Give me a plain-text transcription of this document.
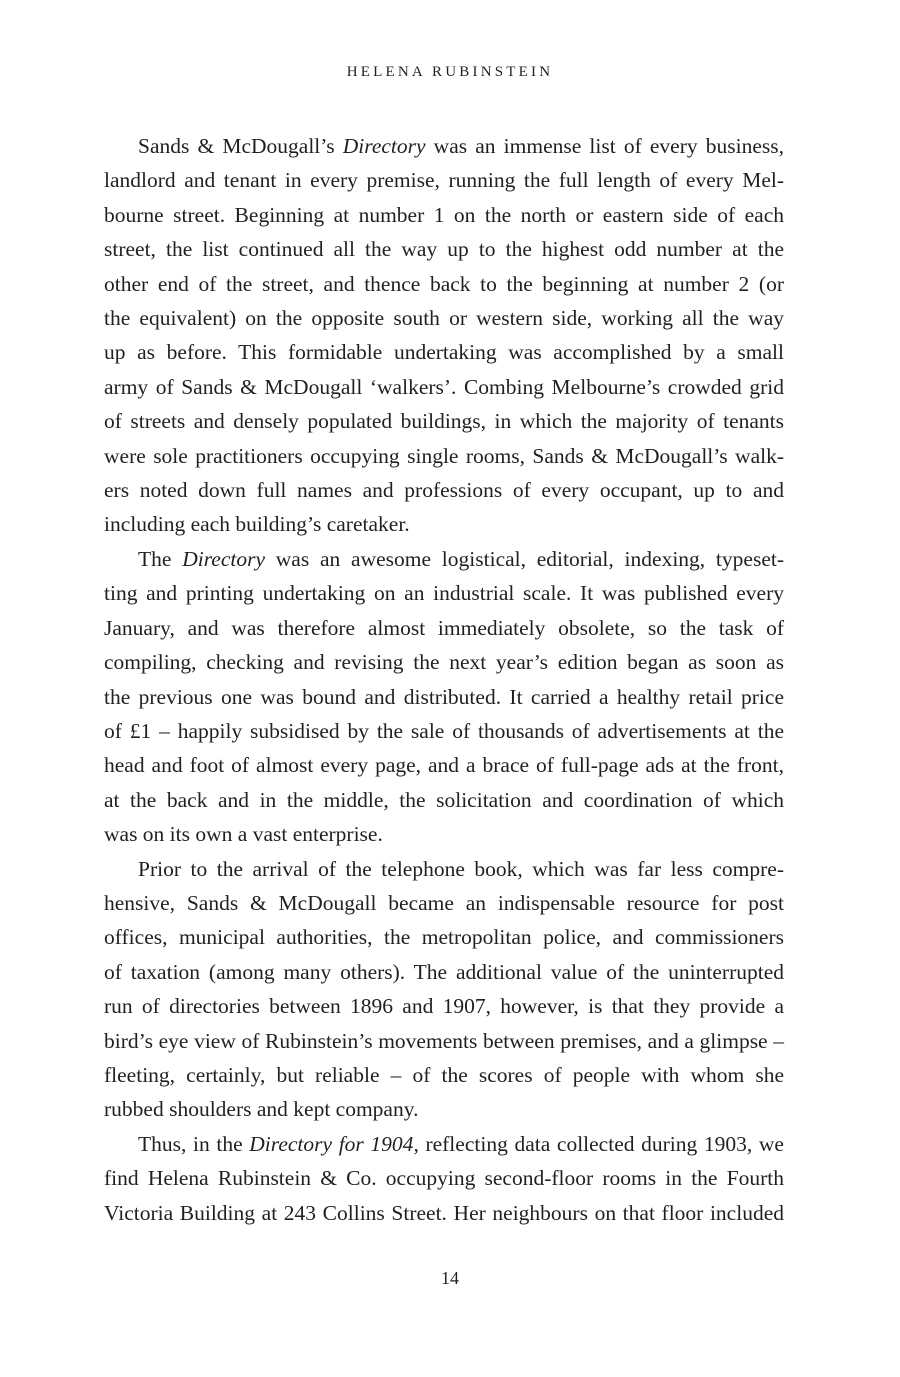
HELENA RUBINSTEIN
Sands & McDougall’s Directory was an immense list of every business,
landlord and tenant in every premise, running the full length of every Mel-
bourne street. Beginning at number 1 on the north or eastern side of each
street, the list continued all the way up to the highest odd number at the
other end of the street, and thence back to the beginning at number 2 (or
the equivalent) on the opposite south or western side, working all the way
up as before. This formidable undertaking was accomplished by a small
army of Sands & McDougall ‘walkers’. Combing Melbourne’s crowded grid
of streets and densely populated buildings, in which the majority of tenants
were sole practitioners occupying single rooms, Sands & McDougall’s walk-
ers noted down full names and professions of every occupant, up to and
including each building’s caretaker.
The Directory was an awesome logistical, editorial, indexing, typeset-
ting and printing undertaking on an industrial scale. It was published every
January, and was therefore almost immediately obsolete, so the task of
compiling, checking and revising the next year’s edition began as soon as
the previous one was bound and distributed. It carried a healthy retail price
of £1 – happily subsidised by the sale of thousands of advertisements at the
head and foot of almost every page, and a brace of full-page ads at the front,
at the back and in the middle, the solicitation and coordination of which
was on its own a vast enterprise.
Prior to the arrival of the telephone book, which was far less compre-
hensive, Sands & McDougall became an indispensable resource for post
offices, municipal authorities, the metropolitan police, and commissioners
of taxation (among many others). The additional value of the uninterrupted
run of directories between 1896 and 1907, however, is that they provide a
bird’s eye view of Rubinstein’s movements between premises, and a glimpse –
fleeting, certainly, but reliable – of the scores of people with whom she
rubbed shoulders and kept company.
Thus, in the Directory for 1904, reflecting data collected during 1903, we
find Helena Rubinstein & Co. occupying second-floor rooms in the Fourth
Victoria Building at 243 Collins Street. Her neighbours on that floor included
14
